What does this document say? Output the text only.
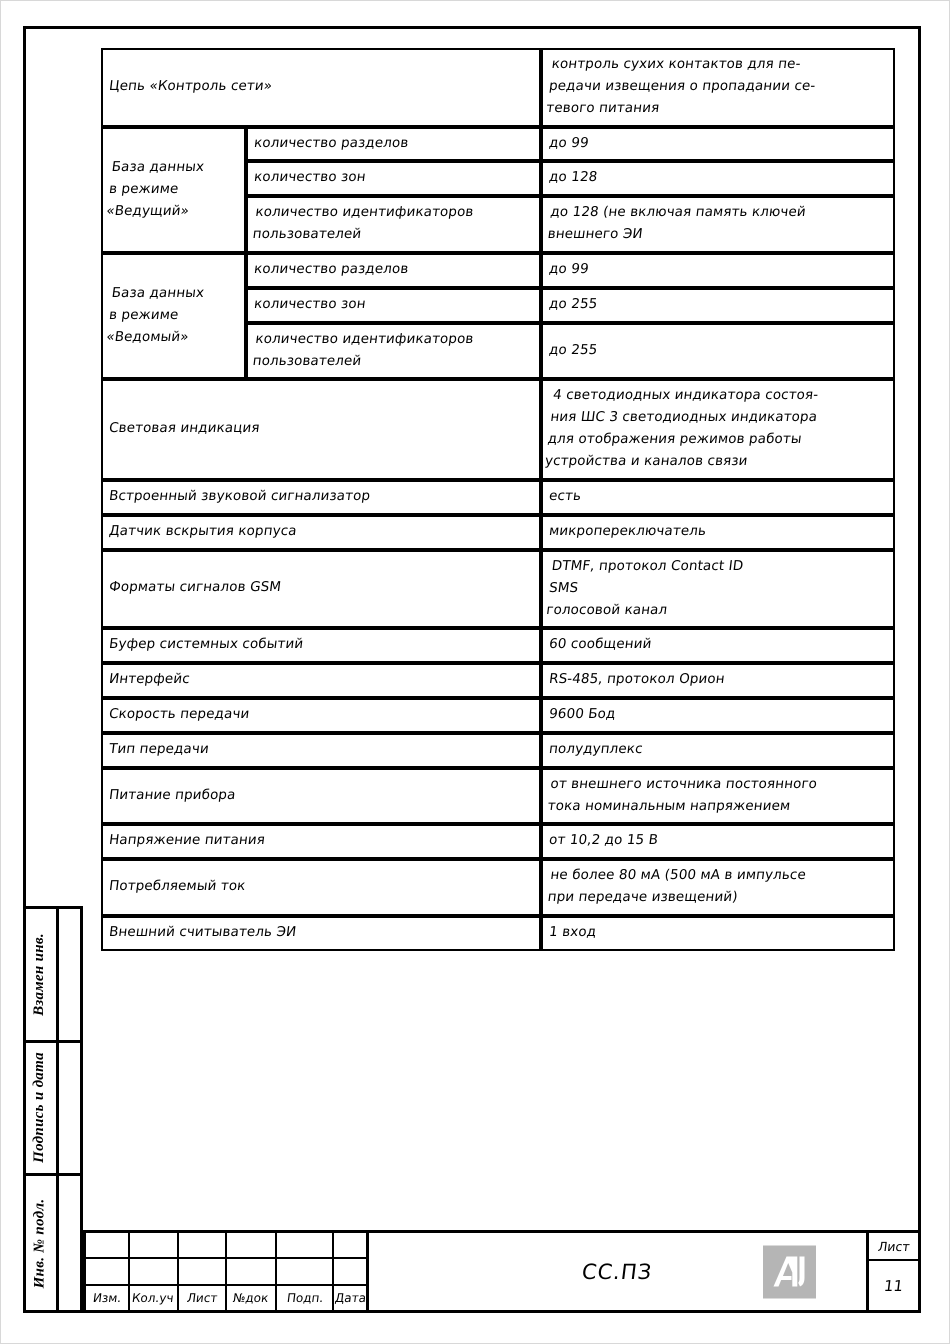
Цепь «Контроль сети»		контроль сухих контактов для пе-
редачи извещения о пропадании се-
тевого питания

База данных
в режиме
«Ведущий»	количество разделов	до 99

	количество зон	до 128

	количество идентификаторов
пользователей	до 128 (не включая память ключей
внешнего ЭИ

База данных
в режиме
«Ведомый»	количество разделов	до 99

	количество зон	до 255

	количество идентификаторов
пользователей	до 255

Световая индикация		4 светодиодных индикатора состоя-
ния ШС 3 светодиодных индикатора
для отображения режимов работы
устройства и каналов связи

Встроенный звуковой сигнализатор		есть

Датчик вскрытия корпуса		микропереключатель

Форматы сигналов GSM		DTMF, протокол Contact ID
SMS
голосовой канал

Буфер системных событий		60 сообщений

Интерфейс		RS-485, протокол Орион

Скорость передачи		9600 Бод

Тип передачи		полудуплекс

Питание прибора		от внешнего источника постоянного
тока номинальным напряжением

Напряжение питания		от 10,2 до 15 В

Потребляемый ток		не более 80 мА (500 мА в импульсе
при передаче извещений)

Внешний считыватель ЭИ		1 вход
Взамен инв.
Подпись и дата
Инв. № подл.
Изм. Кол.уч Лист №док Подп. Дата
СС.ПЗ
Лист
11
